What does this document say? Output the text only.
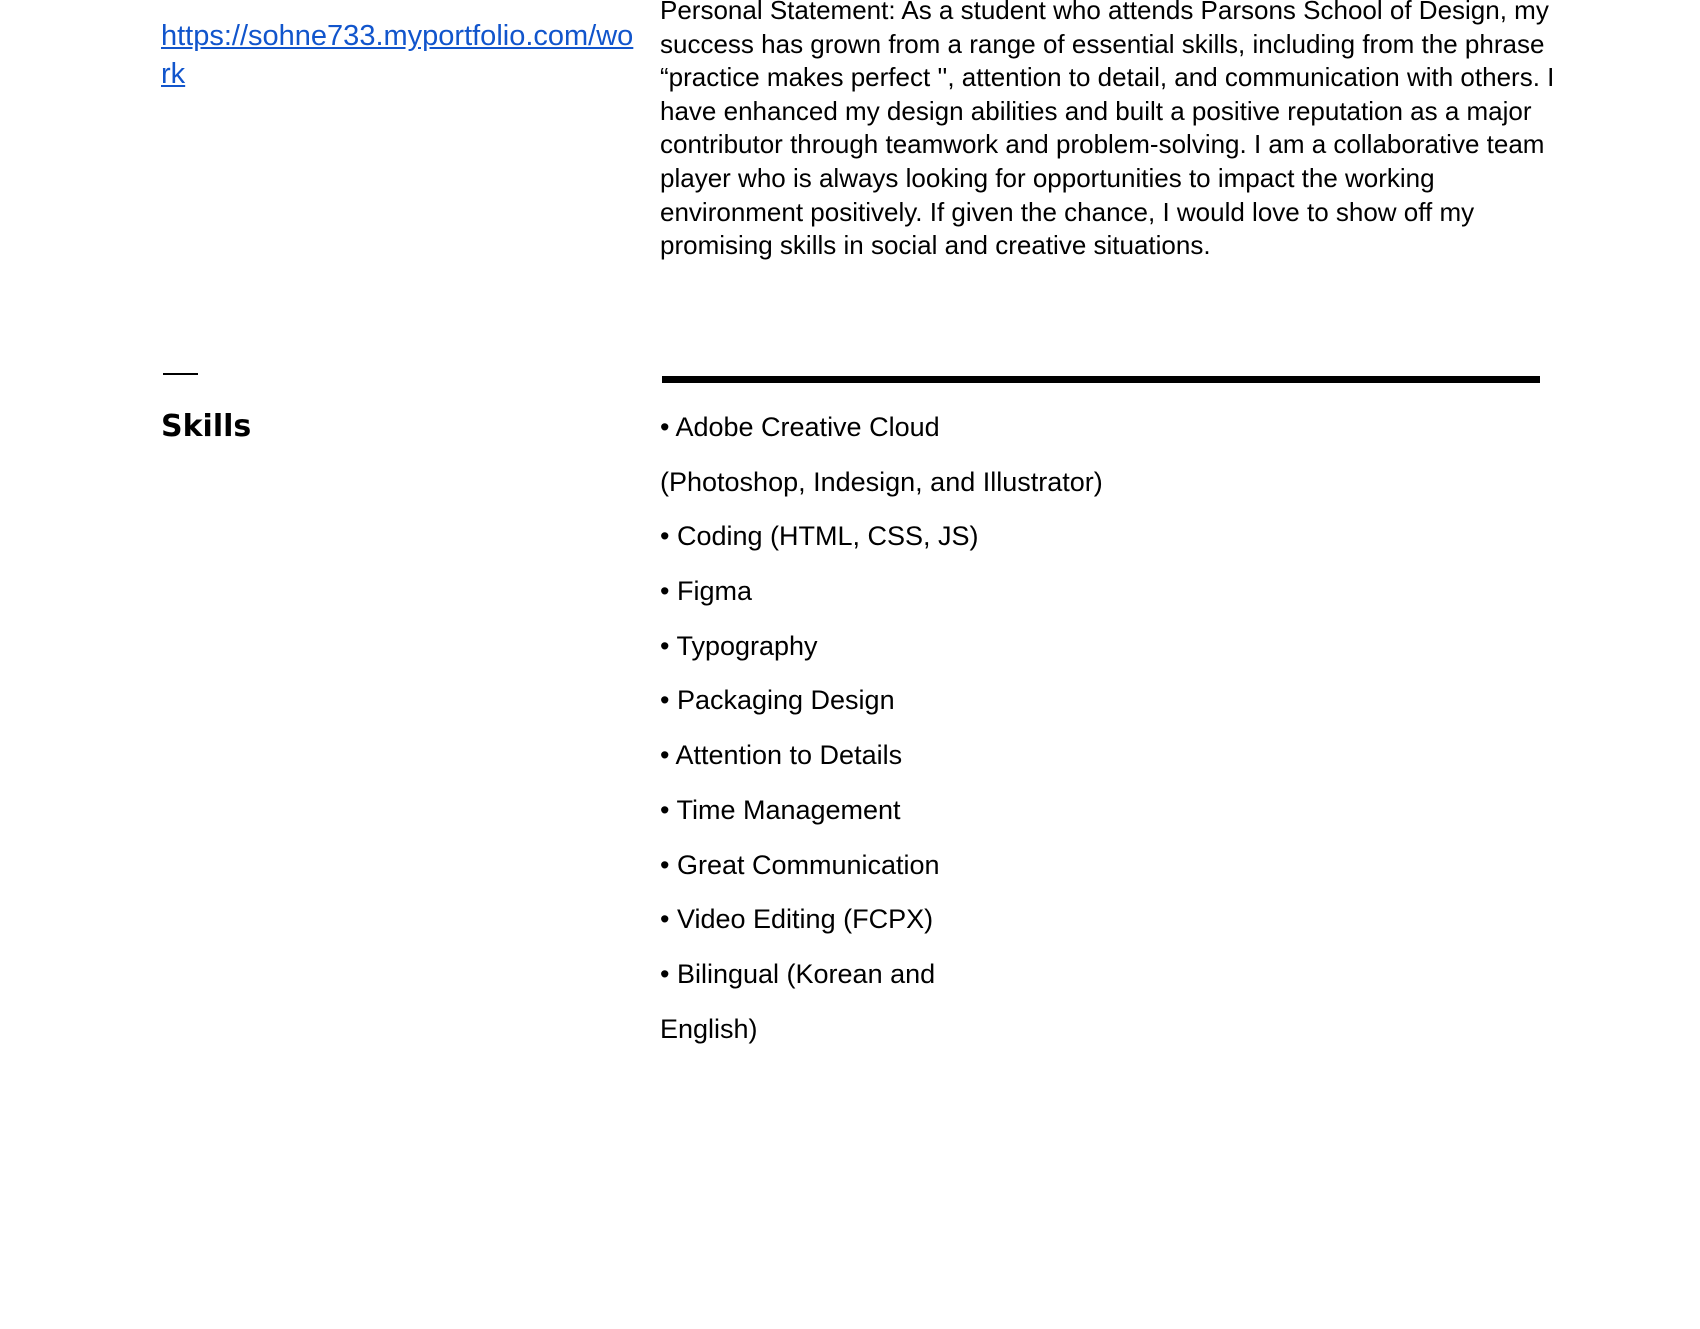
https://sohne733.myportfolio.com/work

Personal Statement: As a student who attends Parsons School of Design, my success has grown from a range of essential skills, including from the phrase “practice makes perfect '', attention to detail, and communication with others. I have enhanced my design abilities and built a positive reputation as a major contributor through teamwork and problem-solving. I am a collaborative team player who is always looking for opportunities to impact the working environment positively. If given the chance, I would love to show off my promising skills in social and creative situations.

Skills	• Adobe Creative Cloud
(Photoshop, Indesign, and Illustrator)
• Coding (HTML, CSS, JS)
• Figma
• Typography
• Packaging Design
• Attention to Details
• Time Management
• Great Communication
• Video Editing (FCPX)
• Bilingual (Korean and
English)
